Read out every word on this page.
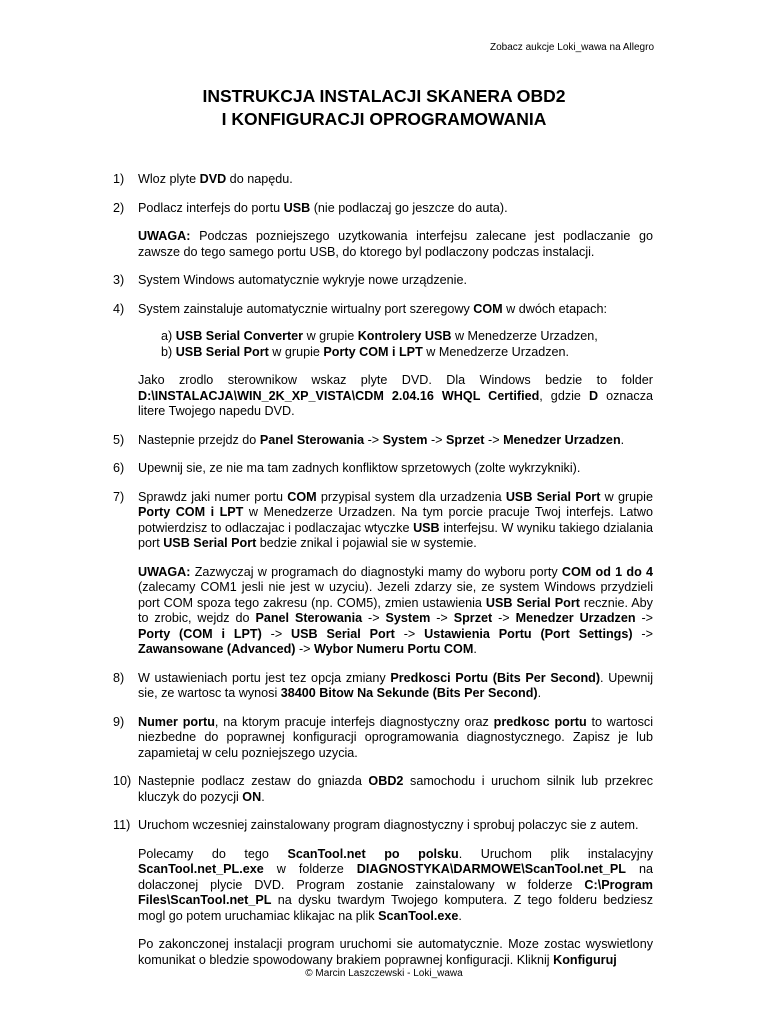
Zobacz aukcje Loki_wawa na Allegro
INSTRUKCJA INSTALACJI SKANERA OBD2
I KONFIGURACJI OPROGRAMOWANIA
1) Wloz plyte DVD do napędu.
2) Podlacz interfejs do portu USB (nie podlaczaj go jeszcze do auta).

UWAGA: Podczas pozniejszego uzytkowania interfejsu zalecane jest podlaczanie go zawsze do tego samego portu USB, do ktorego byl podlaczony podczas instalacji.

3) System Windows automatycznie wykryje nowe urządzenie.
4) System zainstaluje automatycznie wirtualny port szeregowy COM w dwóch etapach:

a) USB Serial Converter w grupie Kontrolery USB w Menedzerze Urzadzen,

b) USB Serial Port w grupie Porty COM i LPT w Menedzerze Urzadzen.

Jako zrodlo sterownikow wskaz plyte DVD. Dla Windows bedzie to folder D:\INSTALACJA\WIN_2K_XP_VISTA\CDM 2.04.16 WHQL Certified, gdzie D oznacza litere Twojego napedu DVD.

5) Nastepnie przejdz do Panel Sterowania -> System -> Sprzet -> Menedzer Urzadzen.
6) Upewnij sie, ze nie ma tam zadnych konfliktow sprzetowych (zolte wykrzykniki).
7) Sprawdz jaki numer portu COM przypisal system dla urzadzenia USB Serial Port w grupie Porty COM i LPT w Menedzerze Urzadzen. Na tym porcie pracuje Twoj interfejs. Latwo potwierdzisz to odlaczajac i podlaczajac wtyczke USB interfejsu. W wyniku takiego dzialania port USB Serial Port bedzie znikal i pojawial sie w systemie.

UWAGA: Zazwyczaj w programach do diagnostyki mamy do wyboru porty COM od 1 do 4 (zalecamy COM1 jesli nie jest w uzyciu). Jezeli zdarzy sie, ze system Windows przydzieli port COM spoza tego zakresu (np. COM5), zmien ustawienia USB Serial Port recznie. Aby to zrobic, wejdz do Panel Sterowania -> System -> Sprzet -> Menedzer Urzadzen -> Porty (COM i LPT) -> USB Serial Port -> Ustawienia Portu (Port Settings) -> Zawansowane (Advanced) -> Wybor Numeru Portu COM.

8) W ustawieniach portu jest tez opcja zmiany Predkosci Portu (Bits Per Second). Upewnij sie, ze wartosc ta wynosi 38400 Bitow Na Sekunde (Bits Per Second).
9) Numer portu, na ktorym pracuje interfejs diagnostyczny oraz predkosc portu to wartosci niezbedne do poprawnej konfiguracji oprogramowania diagnostycznego. Zapisz je lub zapamietaj w celu pozniejszego uzycia.
10) Nastepnie podlacz zestaw do gniazda OBD2 samochodu i uruchom silnik lub przekrec kluczyk do pozycji ON.
11) Uruchom wczesniej zainstalowany program diagnostyczny i sprobuj polaczyc sie z autem.

Polecamy do tego ScanTool.net po polsku. Uruchom plik instalacyjny ScanTool.net_PL.exe w folderze DIAGNOSTYKA\DARMOWE\ScanTool.net_PL na dolaczonej plycie DVD. Program zostanie zainstalowany w folderze C:\Program Files\ScanTool.net_PL na dysku twardym Twojego komputera. Z tego folderu bedziesz mogl go potem uruchamiac klikajac na plik ScanTool.exe.

Po zakonczonej instalacji program uruchomi sie automatycznie. Moze zostac wyswietlony komunikat o bledzie spowodowany brakiem poprawnej konfiguracji. Kliknij Konfiguruj

© Marcin Laszczewski - Loki_wawa
